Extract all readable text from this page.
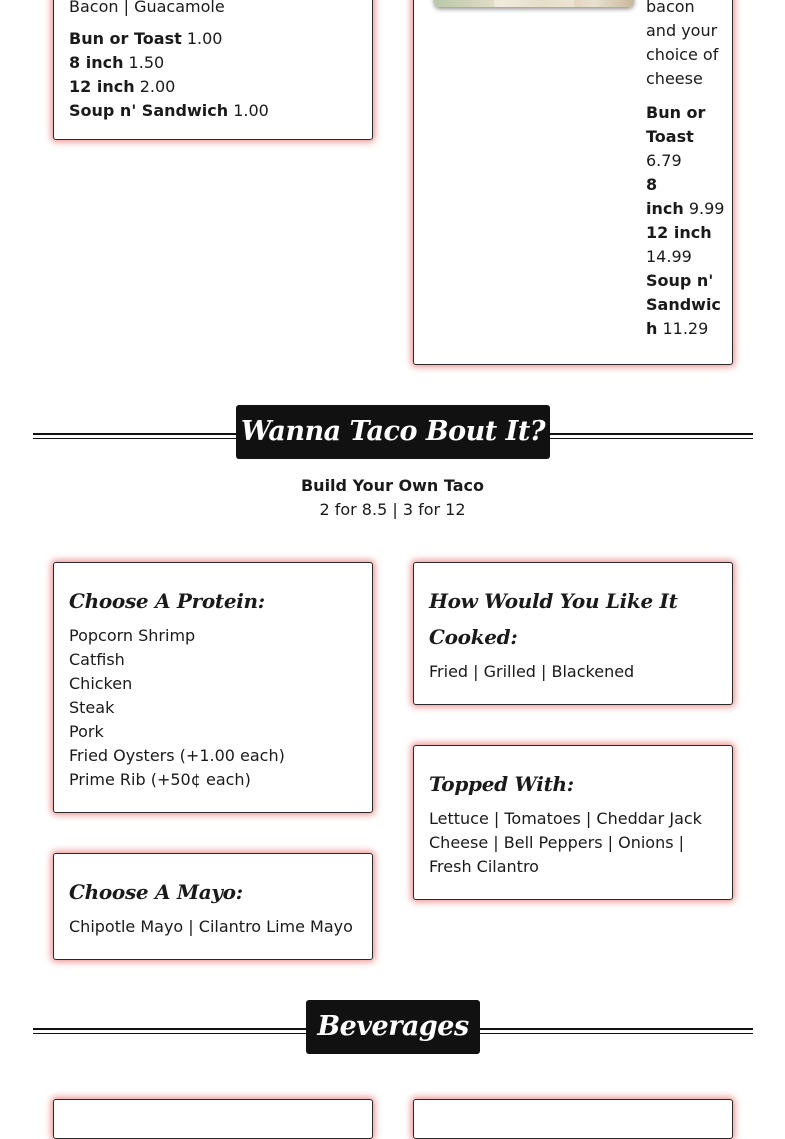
Bacon | Guacamole

Bun or Toast 1.00

8 inch 1.50

12 inch 2.00

Soup n' Sandwich 1.00

bacon

and your

choice of

cheese

Bun or

Toast

6.79

8

inch 9.99

12 inch

14.99

Soup n'

Sandwic

h 11.29

Wanna Taco Bout It?

Build Your Own Taco

2 for 8.5 | 3 for 12

Choose A Protein:

Popcorn Shrimp

Catfish

Chicken

Steak

Pork

Fried Oysters (+1.00 each)

Prime Rib (+50¢ each)

How Would You Like It

Cooked:

Fried | Grilled | Blackened

Topped With:

Lettuce | Tomatoes | Cheddar Jack

Cheese | Bell Peppers | Onions |

Fresh Cilantro

Choose A Mayo:

Chipotle Mayo | Cilantro Lime Mayo

Beverages
